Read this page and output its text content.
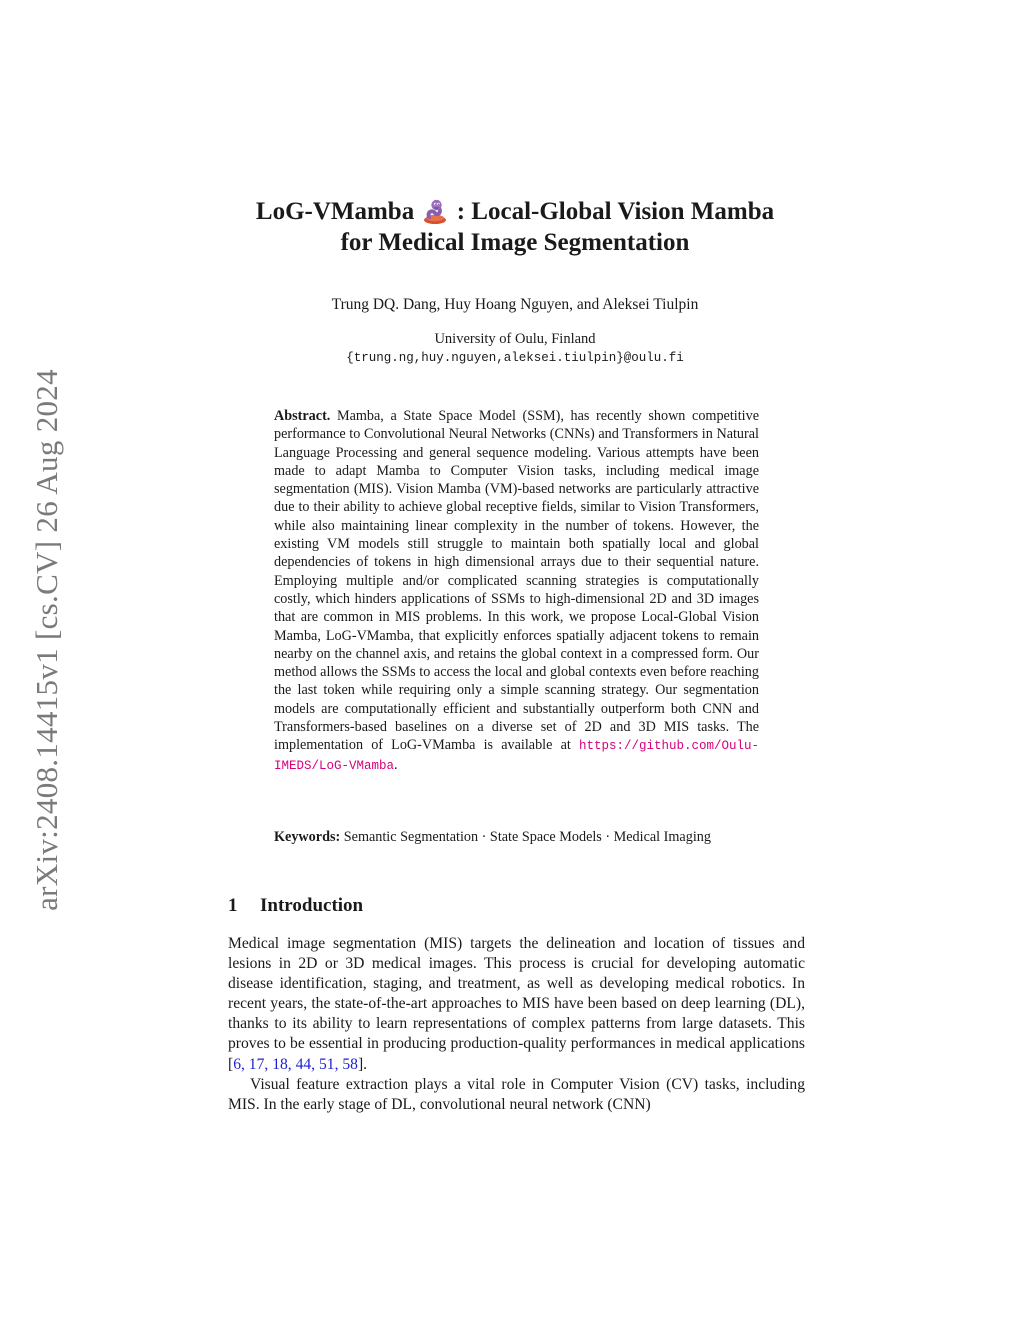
arXiv:2408.14415v1 [cs.CV] 26 Aug 2024
LoG-VMamba : Local-Global Vision Mamba
for Medical Image Segmentation
Trung DQ. Dang, Huy Hoang Nguyen, and Aleksei Tiulpin
University of Oulu, Finland
{trung.ng,huy.nguyen,aleksei.tiulpin}@oulu.fi
Abstract. Mamba, a State Space Model (SSM), has recently shown competitive performance to Convolutional Neural Networks (CNNs) and Transformers in Natural Language Processing and general sequence modeling. Various attempts have been made to adapt Mamba to Computer Vision tasks, including medical image segmentation (MIS). Vision Mamba (VM)-based networks are particularly attractive due to their ability to achieve global receptive fields, similar to Vision Transformers, while also maintaining linear complexity in the number of tokens. However, the existing VM models still struggle to maintain both spatially local and global dependencies of tokens in high dimensional arrays due to their sequential nature. Employing multiple and/or complicated scanning strategies is computationally costly, which hinders applications of SSMs to high-dimensional 2D and 3D images that are common in MIS problems. In this work, we propose Local-Global Vision Mamba, LoG-VMamba, that explicitly enforces spatially adjacent tokens to remain nearby on the channel axis, and retains the global context in a compressed form. Our method allows the SSMs to access the local and global contexts even before reaching the last token while requiring only a simple scanning strategy. Our segmentation models are computationally efficient and substantially outperform both CNN and Transformers-based baselines on a diverse set of 2D and 3D MIS tasks. The implementation of LoG-VMamba is available at https://github.com/Oulu-IMEDS/LoG-VMamba.
Keywords: Semantic Segmentation · State Space Models · Medical Imaging
1 Introduction

Medical image segmentation (MIS) targets the delineation and location of tissues and lesions in 2D or 3D medical images. This process is crucial for developing automatic disease identification, staging, and treatment, as well as developing medical robotics. In recent years, the state-of-the-art approaches to MIS have been based on deep learning (DL), thanks to its ability to learn representations of complex patterns from large datasets. This proves to be essential in producing production-quality performances in medical applications [6, 17, 18, 44, 51, 58].

Visual feature extraction plays a vital role in Computer Vision (CV) tasks, including MIS. In the early stage of DL, convolutional neural network (CNN)
